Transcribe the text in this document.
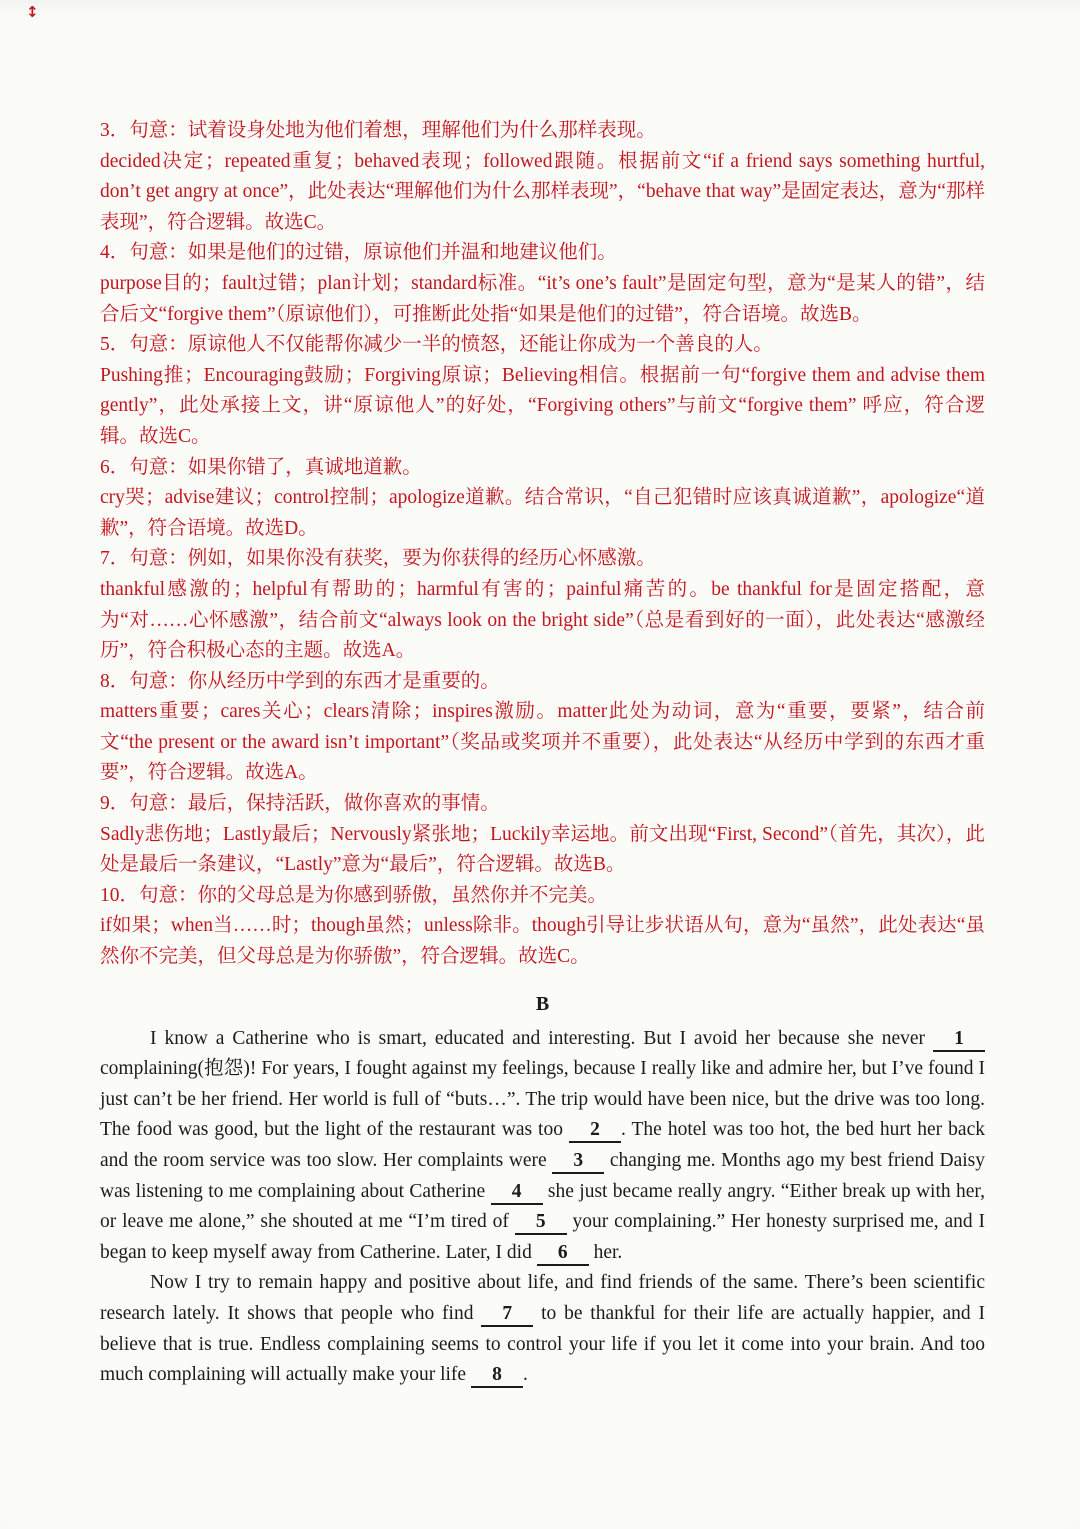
↕

3．句意：试着设身处地为他们着想，理解他们为什么那样表现。

decided决定；repeated重复；behaved表现；followed跟随。根据前文“if a friend says something hurtful, don’t get angry at once”，此处表达“理解他们为什么那样表现”，“behave that way”是固定表达，意为“那样表现”，符合逻辑。故选C。

4．句意：如果是他们的过错，原谅他们并温和地建议他们。

purpose目的；fault过错；plan计划；standard标准。“it’s one’s fault”是固定句型，意为“是某人的错”，结合后文“forgive them”（原谅他们），可推断此处指“如果是他们的过错”，符合语境。故选B。

5．句意：原谅他人不仅能帮你减少一半的愤怒，还能让你成为一个善良的人。

Pushing推；Encouraging鼓励；Forgiving原谅；Believing相信。根据前一句“forgive them and advise them gently”，此处承接上文，讲“原谅他人”的好处，“Forgiving others”与前文“forgive them” 呼应，符合逻辑。故选C。

6．句意：如果你错了，真诚地道歉。

cry哭；advise建议；control控制；apologize道歉。结合常识，“自己犯错时应该真诚道歉”，apologize“道歉”，符合语境。故选D。

7．句意：例如，如果你没有获奖，要为你获得的经历心怀感激。

thankful感激的；helpful有帮助的；harmful有害的；painful痛苦的。be thankful for是固定搭配，意为“对……心怀感激”，结合前文“always look on the bright side”（总是看到好的一面），此处表达“感激经历”，符合积极心态的主题。故选A。

8．句意：你从经历中学到的东西才是重要的。

matters重要；cares关心；clears清除；inspires激励。matter此处为动词，意为“重要，要紧”，结合前文“the present or the award isn’t important”（奖品或奖项并不重要），此处表达“从经历中学到的东西才重要”，符合逻辑。故选A。

9．句意：最后，保持活跃，做你喜欢的事情。

Sadly悲伤地；Lastly最后；Nervously紧张地；Luckily幸运地。前文出现“First, Second”（首先，其次），此处是最后一条建议，“Lastly”意为“最后”，符合逻辑。故选B。

10．句意：你的父母总是为你感到骄傲，虽然你并不完美。

if如果；when当……时；though虽然；unless除非。though引导让步状语从句，意为“虽然”，此处表达“虽然你不完美，但父母总是为你骄傲”，符合逻辑。故选C。

B

I know a Catherine who is smart, educated and interesting. But I avoid her because she never 1 complaining(抱怨)! For years, I fought against my feelings, because I really like and admire her, but I’ve found I just can’t be her friend. Her world is full of “buts…”. The trip would have been nice, but the drive was too long. The food was good, but the light of the restaurant was too 2 . The hotel was too hot, the bed hurt her back and the room service was too slow. Her complaints were 3 changing me. Months ago my best friend Daisy was listening to me complaining about Catherine 4 she just became really angry. “Either break up with her, or leave me alone,” she shouted at me “I’m tired of 5 your complaining.” Her honesty surprised me, and I began to keep myself away from Catherine. Later, I did 6 her.

Now I try to remain happy and positive about life, and find friends of the same. There’s been scientific research lately. It shows that people who find 7 to be thankful for their life are actually happier, and I believe that is true. Endless complaining seems to control your life if you let it come into your brain. And too much complaining will actually make your life 8 .
